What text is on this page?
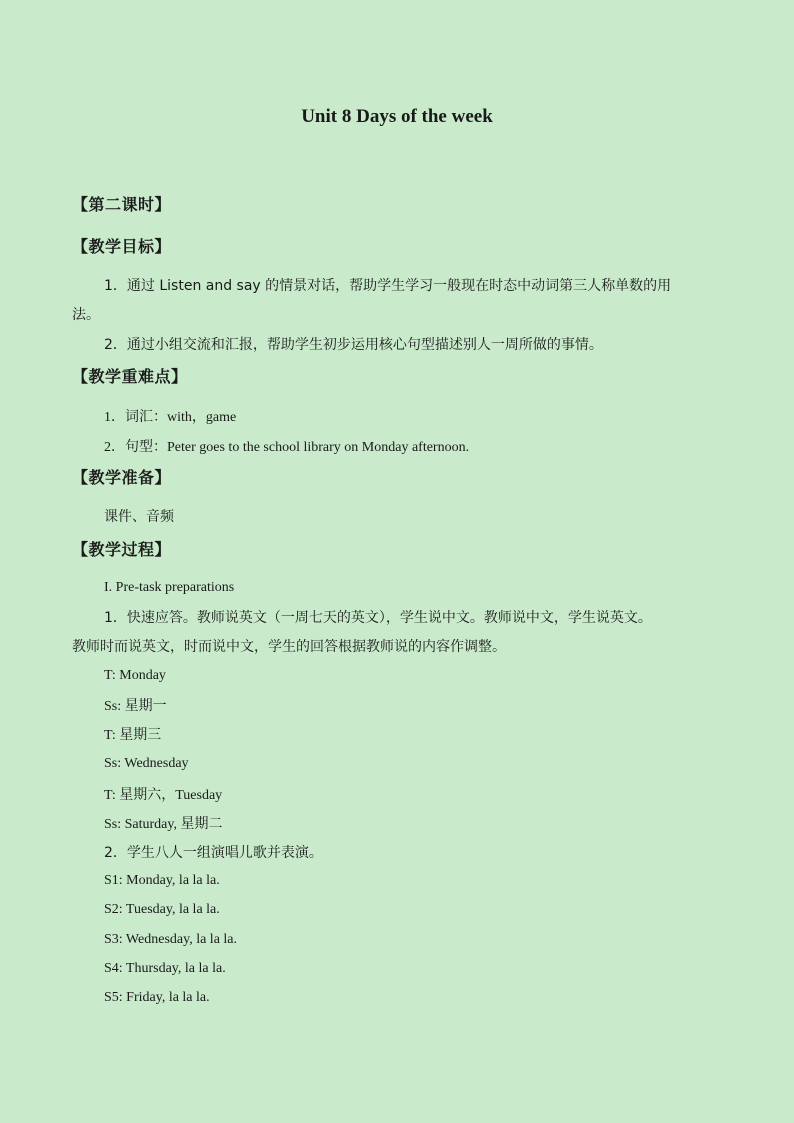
Unit 8 Days of the week
【第二课时】
【教学目标】
1．通过 Listen and say 的情景对话，帮助学生学习一般现在时态中动词第三人称单数的用
法。
2．通过小组交流和汇报，帮助学生初步运用核心句型描述别人一周所做的事情。
【教学重难点】
1．词汇：with，game
2．句型：Peter goes to the school library on Monday afternoon.
【教学准备】
课件、音频
【教学过程】
I. Pre-task preparations
1．快速应答。教师说英文（一周七天的英文），学生说中文。教师说中文，学生说英文。
教师时而说英文，时而说中文，学生的回答根据教师说的内容作调整。
T: Monday
Ss: 星期一
T: 星期三
Ss: Wednesday
T: 星期六，Tuesday
Ss: Saturday, 星期二
2．学生八人一组演唱儿歌并表演。
S1: Monday, la la la.
S2: Tuesday, la la la.
S3: Wednesday, la la la.
S4: Thursday, la la la.
S5: Friday, la la la.
